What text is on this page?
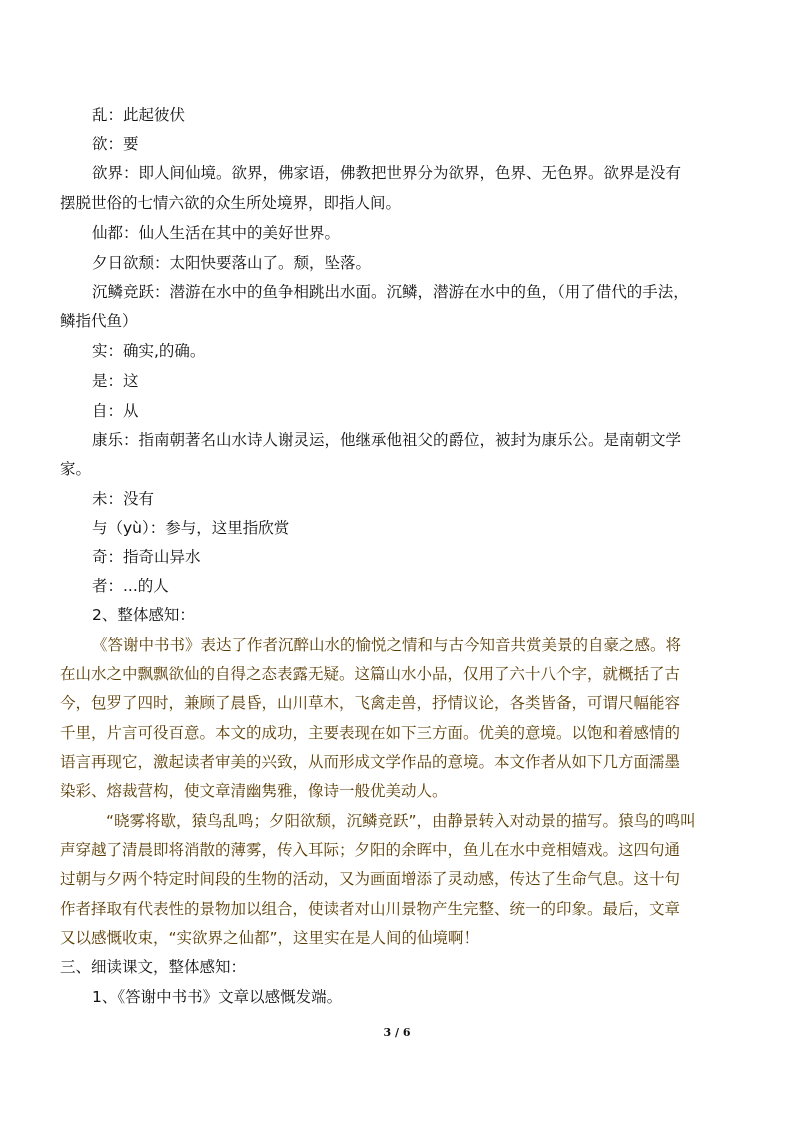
乱：此起彼伏
欲：要
欲界：即人间仙境。欲界，佛家语，佛教把世界分为欲界，色界、无色界。欲界是没有
摆脱世俗的七情六欲的众生所处境界，即指人间。
仙都：仙人生活在其中的美好世界。
夕日欲颓：太阳快要落山了。颓，坠落。
沉鳞竞跃：潜游在水中的鱼争相跳出水面。沉鳞，潜游在水中的鱼，（用了借代的手法，
鳞指代鱼）
实：确实,的确。
是：这
自：从
康乐：指南朝著名山水诗人谢灵运，他继承他祖父的爵位，被封为康乐公。是南朝文学
家。
未：没有
与（yù）：参与，这里指欣赏
奇：指奇山异水
者：...的人
2、整体感知：
《答谢中书书》表达了作者沉醉山水的愉悦之情和与古今知音共赏美景的自豪之感。将
在山水之中飘飘欲仙的自得之态表露无疑。这篇山水小品，仅用了六十八个字，就概括了古
今，包罗了四时，兼顾了晨昏，山川草木，飞禽走兽，抒情议论，各类皆备，可谓尺幅能容
千里，片言可役百意。本文的成功，主要表现在如下三方面。优美的意境。以饱和着感情的
语言再现它，激起读者审美的兴致，从而形成文学作品的意境。本文作者从如下几方面濡墨
染彩、熔裁营构，使文章清幽隽雅，像诗一般优美动人。
“晓雾将歇，猿鸟乱鸣；夕阳欲颓，沉鳞竞跃”，由静景转入对动景的描写。猿鸟的鸣叫
声穿越了清晨即将消散的薄雾，传入耳际；夕阳的余晖中，鱼儿在水中竞相嬉戏。这四句通
过朝与夕两个特定时间段的生物的活动，又为画面增添了灵动感，传达了生命气息。这十句
作者择取有代表性的景物加以组合，使读者对山川景物产生完整、统一的印象。最后，文章
又以感慨收束，“实欲界之仙都”，这里实在是人间的仙境啊！
三、细读课文，整体感知：
1、《答谢中书书》文章以感慨发端。
3 / 6
